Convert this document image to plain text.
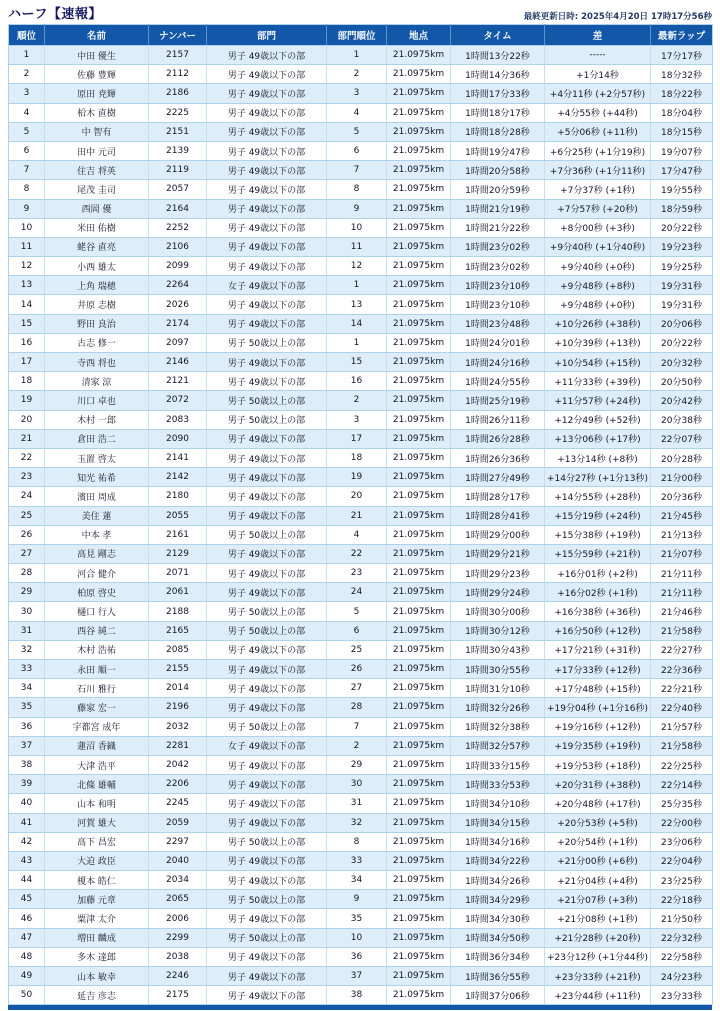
ハーフ【速報】	最終更新日時: 2025年4月20日 17時17分56秒
順位	名前	ナンバー	部門	部門順位	地点	タイム	差	最新ラップ
1	中田 優生	2157	男子 49歳以下の部	1	21.0975km	1時間13分22秒	-----	17分17秒
2	佐藤 豊輝	2112	男子 49歳以下の部	2	21.0975km	1時間14分36秒	+1分14秒	18分32秒
3	原田 尭輝	2186	男子 49歳以下の部	3	21.0975km	1時間17分33秒	+4分11秒 (+2分57秒)	18分22秒
4	柗木 直樹	2225	男子 49歳以下の部	4	21.0975km	1時間18分17秒	+4分55秒 (+44秒)	18分04秒
5	中 智有	2151	男子 49歳以下の部	5	21.0975km	1時間18分28秒	+5分06秒 (+11秒)	18分15秒
6	田中 元司	2139	男子 49歳以下の部	6	21.0975km	1時間19分47秒	+6分25秒 (+1分19秒)	19分07秒
7	住吉 将英	2119	男子 49歳以下の部	7	21.0975km	1時間20分58秒	+7分36秒 (+1分11秒)	17分47秒
8	尾茂 圭司	2057	男子 49歳以下の部	8	21.0975km	1時間20分59秒	+7分37秒 (+1秒)	19分55秒
9	西岡 優	2164	男子 49歳以下の部	9	21.0975km	1時間21分19秒	+7分57秒 (+20秒)	18分59秒
10	米田 佑樹	2252	男子 49歳以下の部	10	21.0975km	1時間21分22秒	+8分00秒 (+3秒)	20分22秒
11	蛯谷 直亮	2106	男子 49歳以下の部	11	21.0975km	1時間23分02秒	+9分40秒 (+1分40秒)	19分23秒
12	小西 雄太	2099	男子 49歳以下の部	12	21.0975km	1時間23分02秒	+9分40秒 (+0秒)	19分25秒
13	上角 瑞穂	2264	女子 49歳以下の部	1	21.0975km	1時間23分10秒	+9分48秒 (+8秒)	19分31秒
14	井原 志樹	2026	男子 49歳以下の部	13	21.0975km	1時間23分10秒	+9分48秒 (+0秒)	19分31秒
15	野田 良治	2174	男子 49歳以下の部	14	21.0975km	1時間23分48秒	+10分26秒 (+38秒)	20分06秒
16	古志 修一	2097	男子 50歳以上の部	1	21.0975km	1時間24分01秒	+10分39秒 (+13秒)	20分22秒
17	寺西 将也	2146	男子 49歳以下の部	15	21.0975km	1時間24分16秒	+10分54秒 (+15秒)	20分32秒
18	清家 涼	2121	男子 49歳以下の部	16	21.0975km	1時間24分55秒	+11分33秒 (+39秒)	20分50秒
19	川口 卓也	2072	男子 50歳以上の部	2	21.0975km	1時間25分19秒	+11分57秒 (+24秒)	20分42秒
20	木村 一郎	2083	男子 50歳以上の部	3	21.0975km	1時間26分11秒	+12分49秒 (+52秒)	20分38秒
21	倉田 浩二	2090	男子 49歳以下の部	17	21.0975km	1時間26分28秒	+13分06秒 (+17秒)	22分07秒
22	玉置 啓太	2141	男子 49歳以下の部	18	21.0975km	1時間26分36秒	+13分14秒 (+8秒)	20分28秒
23	知光 祐希	2142	男子 49歳以下の部	19	21.0975km	1時間27分49秒	+14分27秒 (+1分13秒)	21分00秒
24	濱田 周成	2180	男子 49歳以下の部	20	21.0975km	1時間28分17秒	+14分55秒 (+28秒)	20分36秒
25	美住 蓮	2055	男子 49歳以下の部	21	21.0975km	1時間28分41秒	+15分19秒 (+24秒)	21分45秒
26	中本 孝	2161	男子 50歳以上の部	4	21.0975km	1時間29分00秒	+15分38秒 (+19秒)	21分13秒
27	高見 剛志	2129	男子 49歳以下の部	22	21.0975km	1時間29分21秒	+15分59秒 (+21秒)	21分07秒
28	河合 健介	2071	男子 49歳以下の部	23	21.0975km	1時間29分23秒	+16分01秒 (+2秒)	21分11秒
29	柏原 啓史	2061	男子 49歳以下の部	24	21.0975km	1時間29分24秒	+16分02秒 (+1秒)	21分11秒
30	樋口 行人	2188	男子 50歳以上の部	5	21.0975km	1時間30分00秒	+16分38秒 (+36秒)	21分46秒
31	西谷 純二	2165	男子 50歳以上の部	6	21.0975km	1時間30分12秒	+16分50秒 (+12秒)	21分58秒
32	木村 浩祐	2085	男子 49歳以下の部	25	21.0975km	1時間30分43秒	+17分21秒 (+31秒)	22分27秒
33	永田 順一	2155	男子 49歳以下の部	26	21.0975km	1時間30分55秒	+17分33秒 (+12秒)	22分36秒
34	石川 雅行	2014	男子 49歳以下の部	27	21.0975km	1時間31分10秒	+17分48秒 (+15秒)	22分21秒
35	藤家 宏一	2196	男子 49歳以下の部	28	21.0975km	1時間32分26秒	+19分04秒 (+1分16秒)	22分40秒
36	宇都宮 成年	2032	男子 50歳以上の部	7	21.0975km	1時間32分38秒	+19分16秒 (+12秒)	21分57秒
37	蓮沼 香織	2281	女子 49歳以下の部	2	21.0975km	1時間32分57秒	+19分35秒 (+19秒)	21分58秒
38	大津 浩平	2042	男子 49歳以下の部	29	21.0975km	1時間33分15秒	+19分53秒 (+18秒)	22分25秒
39	北條 雄輔	2206	男子 49歳以下の部	30	21.0975km	1時間33分53秒	+20分31秒 (+38秒)	22分14秒
40	山本 和明	2245	男子 49歳以下の部	31	21.0975km	1時間34分10秒	+20分48秒 (+17秒)	25分35秒
41	河賀 雄大	2059	男子 49歳以下の部	32	21.0975km	1時間34分15秒	+20分53秒 (+5秒)	22分00秒
42	高下 昌宏	2297	男子 50歳以上の部	8	21.0975km	1時間34分16秒	+20分54秒 (+1秒)	23分06秒
43	大迫 政臣	2040	男子 49歳以下の部	33	21.0975km	1時間34分22秒	+21分00秒 (+6秒)	22分04秒
44	榎本 皓仁	2034	男子 49歳以下の部	34	21.0975km	1時間34分26秒	+21分04秒 (+4秒)	23分25秒
45	加藤 元章	2065	男子 50歳以上の部	9	21.0975km	1時間34分29秒	+21分07秒 (+3秒)	22分18秒
46	粟津 太介	2006	男子 49歳以下の部	35	21.0975km	1時間34分30秒	+21分08秒 (+1秒)	21分50秒
47	増田 麟成	2299	男子 50歳以上の部	10	21.0975km	1時間34分50秒	+21分28秒 (+20秒)	22分32秒
48	多木 達郎	2038	男子 49歳以下の部	36	21.0975km	1時間36分34秒	+23分12秒 (+1分44秒)	22分58秒
49	山本 敏幸	2246	男子 49歳以下の部	37	21.0975km	1時間36分55秒	+23分33秒 (+21秒)	24分23秒
50	延吉 彦志	2175	男子 49歳以下の部	38	21.0975km	1時間37分06秒	+23分44秒 (+11秒)	23分33秒
